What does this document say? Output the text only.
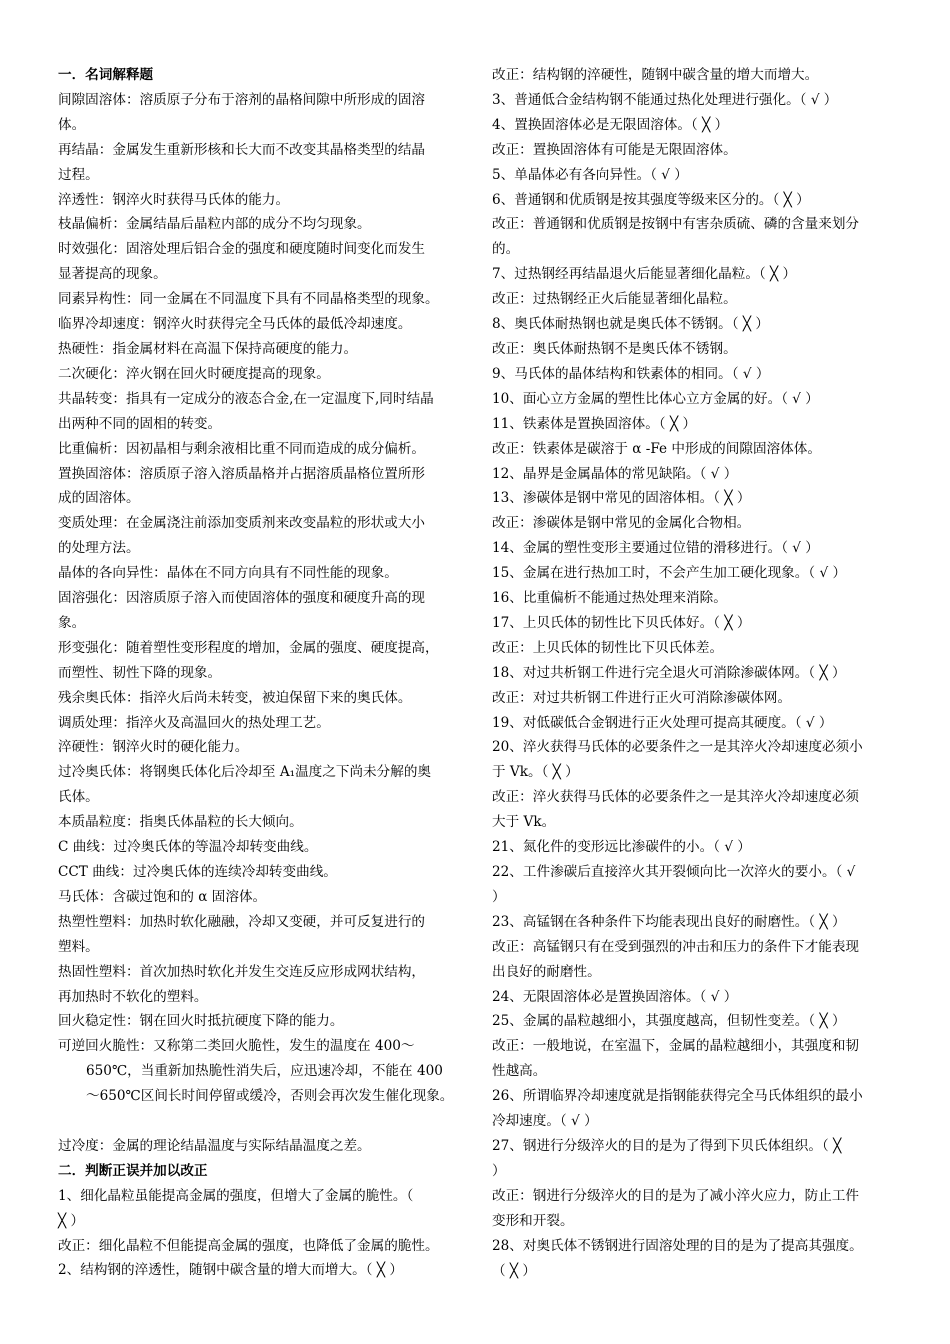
一．名词解释题
间隙固溶体：溶质原子分布于溶剂的晶格间隙中所形成的固溶
体。
再结晶：金属发生重新形核和长大而不改变其晶格类型的结晶
过程。
淬透性：钢淬火时获得马氏体的能力。
枝晶偏析：金属结晶后晶粒内部的成分不均匀现象。
时效强化：固溶处理后铝合金的强度和硬度随时间变化而发生
显著提高的现象。
同素异构性：同一金属在不同温度下具有不同晶格类型的现象。
临界冷却速度：钢淬火时获得完全马氏体的最低冷却速度。
热硬性：指金属材料在高温下保持高硬度的能力。
二次硬化：淬火钢在回火时硬度提高的现象。
共晶转变：指具有一定成分的液态合金,在一定温度下,同时结晶
出两种不同的固相的转变。
比重偏析：因初晶相与剩余液相比重不同而造成的成分偏析。
置换固溶体：溶质原子溶入溶质晶格并占据溶质晶格位置所形
成的固溶体。
变质处理：在金属浇注前添加变质剂来改变晶粒的形状或大小
的处理方法。
晶体的各向异性：晶体在不同方向具有不同性能的现象。
固溶强化：因溶质原子溶入而使固溶体的强度和硬度升高的现
象。
形变强化：随着塑性变形程度的增加，金属的强度、硬度提高，
而塑性、韧性下降的现象。
残余奥氏体：指淬火后尚未转变，被迫保留下来的奥氏体。
调质处理：指淬火及高温回火的热处理工艺。
淬硬性：钢淬火时的硬化能力。
过冷奥氏体：将钢奥氏体化后冷却至 A₁温度之下尚未分解的奥
氏体。
本质晶粒度：指奥氏体晶粒的长大倾向。
C 曲线：过冷奥氏体的等温冷却转变曲线。
CCT 曲线：过冷奥氏体的连续冷却转变曲线。
马氏体：含碳过饱和的 α 固溶体。
热塑性塑料：加热时软化融融，冷却又变硬，并可反复进行的
塑料。
热固性塑料：首次加热时软化并发生交连反应形成网状结构，
再加热时不软化的塑料。
回火稳定性：钢在回火时抵抗硬度下降的能力。
可逆回火脆性：又称第二类回火脆性，发生的温度在 400～
650℃，当重新加热脆性消失后，应迅速冷却，不能在 400
～650℃区间长时间停留或缓冷，否则会再次发生催化现象。
过冷度：金属的理论结晶温度与实际结晶温度之差。
二．判断正误并加以改正
1、细化晶粒虽能提高金属的强度，但增大了金属的脆性。（
╳ ）
改正：细化晶粒不但能提高金属的强度，也降低了金属的脆性。
2、结构钢的淬透性，随钢中碳含量的增大而增大。（ ╳ ）
改正：结构钢的淬硬性，随钢中碳含量的增大而增大。
3、普通低合金结构钢不能通过热化处理进行强化。（ √ ）
4、置换固溶体必是无限固溶体。（ ╳ ）
改正：置换固溶体有可能是无限固溶体。
5、单晶体必有各向异性。（ √ ）
6、普通钢和优质钢是按其强度等级来区分的。（ ╳ ）
改正：普通钢和优质钢是按钢中有害杂质硫、磷的含量来划分
的。
7、过热钢经再结晶退火后能显著细化晶粒。（ ╳ ）
改正：过热钢经正火后能显著细化晶粒。
8、奥氏体耐热钢也就是奥氏体不锈钢。（ ╳ ）
改正：奥氏体耐热钢不是奥氏体不锈钢。
9、马氏体的晶体结构和铁素体的相同。（ √ ）
10、面心立方金属的塑性比体心立方金属的好。（ √ ）
11、铁素体是置换固溶体。（ ╳ ）
改正：铁素体是碳溶于 α -Fe 中形成的间隙固溶体体。
12、晶界是金属晶体的常见缺陷。（ √ ）
13、渗碳体是钢中常见的固溶体相。（ ╳ ）
改正：渗碳体是钢中常见的金属化合物相。
14、金属的塑性变形主要通过位错的滑移进行。（ √ ）
15、金属在进行热加工时，不会产生加工硬化现象。（ √ ）
16、比重偏析不能通过热处理来消除。
17、上贝氏体的韧性比下贝氏体好。（ ╳ ）
改正：上贝氏体的韧性比下贝氏体差。
18、对过共析钢工件进行完全退火可消除渗碳体网。（ ╳ ）
改正：对过共析钢工件进行正火可消除渗碳体网。
19、对低碳低合金钢进行正火处理可提高其硬度。（ √ ）
20、淬火获得马氏体的必要条件之一是其淬火冷却速度必须小
于 Vk。（ ╳ ）
改正：淬火获得马氏体的必要条件之一是其淬火冷却速度必须
大于 Vk。
21、氮化件的变形远比渗碳件的小。（ √ ）
22、工件渗碳后直接淬火其开裂倾向比一次淬火的要小。（ √
）
23、高锰钢在各种条件下均能表现出良好的耐磨性。（ ╳ ）
改正：高锰钢只有在受到强烈的冲击和压力的条件下才能表现
出良好的耐磨性。
24、无限固溶体必是置换固溶体。（ √ ）
25、金属的晶粒越细小，其强度越高，但韧性变差。（ ╳ ）
改正：一般地说，在室温下，金属的晶粒越细小，其强度和韧
性越高。
26、所谓临界冷却速度就是指钢能获得完全马氏体组织的最小
冷却速度。（ √ ）
27、钢进行分级淬火的目的是为了得到下贝氏体组织。（ ╳
）
改正：钢进行分级淬火的目的是为了减小淬火应力，防止工件
变形和开裂。
28、对奥氏体不锈钢进行固溶处理的目的是为了提高其强度。
（ ╳ ）
